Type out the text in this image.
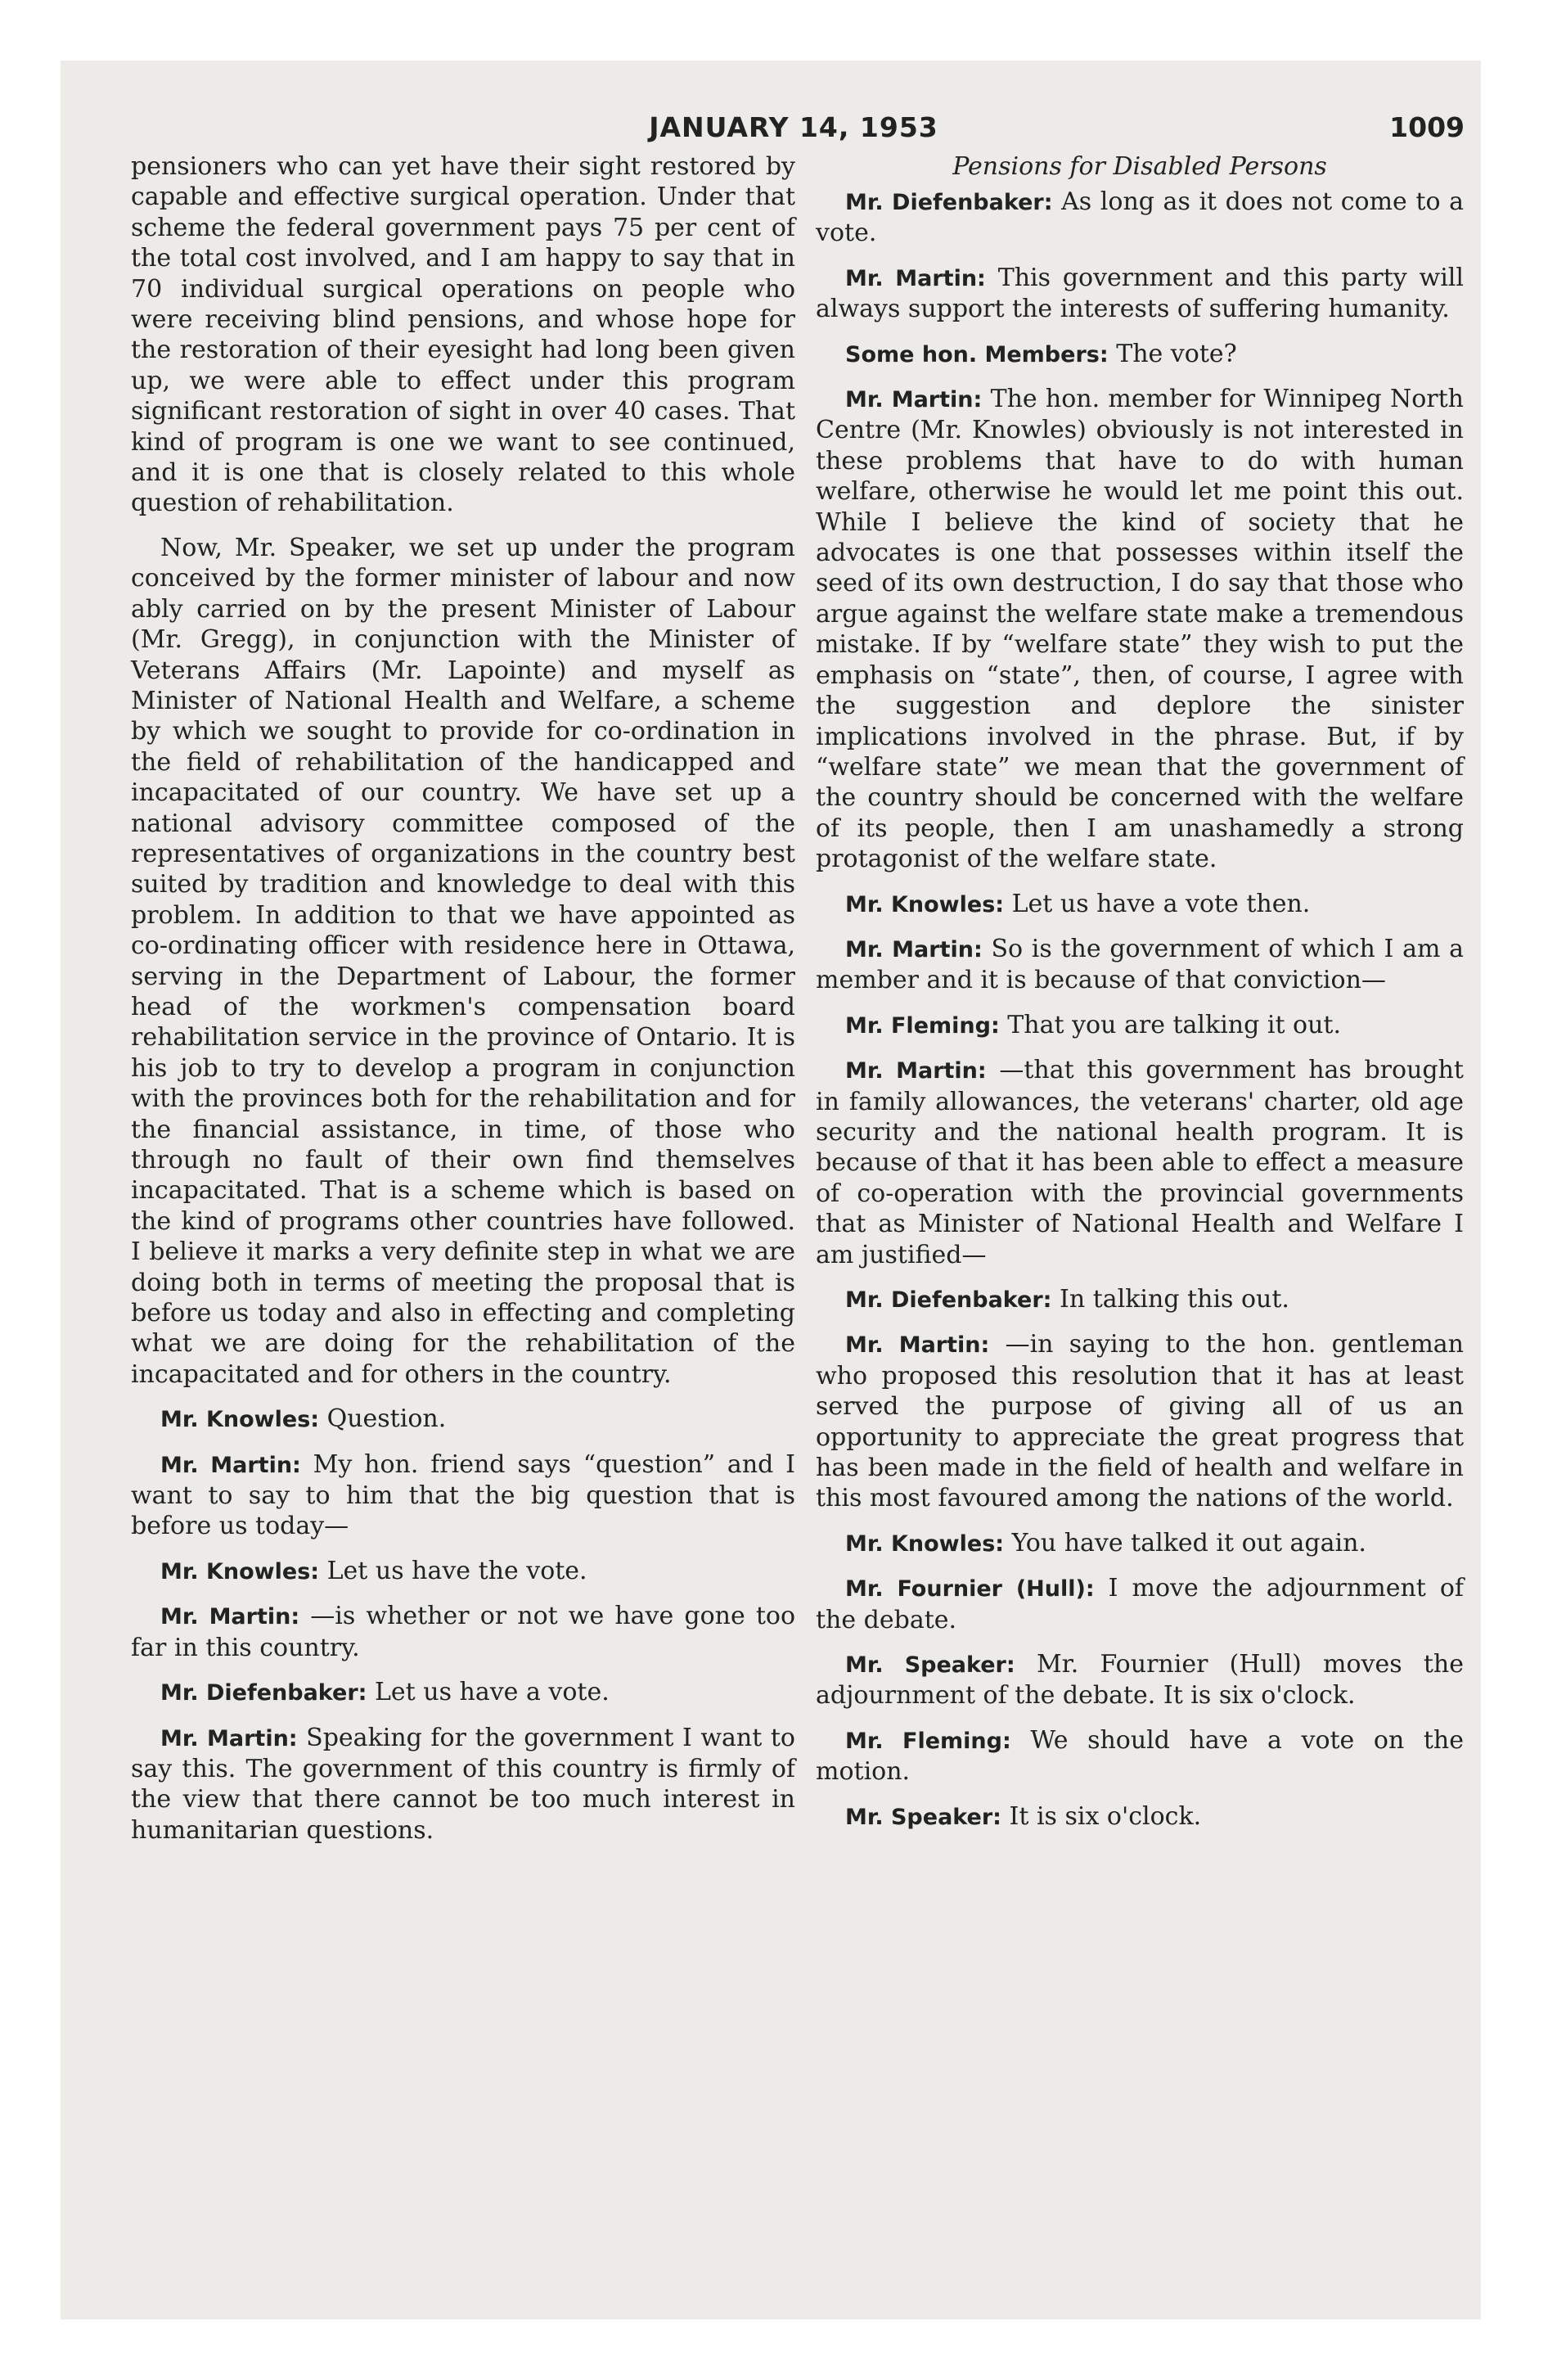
JANUARY 14, 1953	1009

pensioners who can yet have their sight restored by capable and effective surgical operation. Under that scheme the federal government pays 75 per cent of the total cost involved, and I am happy to say that in 70 individual surgical operations on people who were receiving blind pensions, and whose hope for the restoration of their eyesight had long been given up, we were able to effect under this program significant restoration of sight in over 40 cases. That kind of program is one we want to see continued, and it is one that is closely related to this whole question of rehabilitation.

Now, Mr. Speaker, we set up under the program conceived by the former minister of labour and now ably carried on by the present Minister of Labour (Mr. Gregg), in conjunction with the Minister of Veterans Affairs (Mr. Lapointe) and myself as Minister of National Health and Welfare, a scheme by which we sought to provide for co-ordination in the field of rehabilitation of the handicapped and incapacitated of our country. We have set up a national advisory committee composed of the representatives of organizations in the country best suited by tradition and knowledge to deal with this problem. In addition to that we have appointed as co-ordinating officer with residence here in Ottawa, serving in the Department of Labour, the former head of the workmen's compensation board rehabilitation service in the province of Ontario. It is his job to try to develop a program in conjunction with the provinces both for the rehabilitation and for the financial assistance, in time, of those who through no fault of their own find themselves incapacitated. That is a scheme which is based on the kind of programs other countries have followed. I believe it marks a very definite step in what we are doing both in terms of meeting the proposal that is before us today and also in effecting and completing what we are doing for the rehabilitation of the incapacitated and for others in the country.

Mr. Knowles: Question.

Mr. Martin: My hon. friend says “question” and I want to say to him that the big question that is before us today—

Mr. Knowles: Let us have the vote.

Mr. Martin: —is whether or not we have gone too far in this country.

Mr. Diefenbaker: Let us have a vote.

Mr. Martin: Speaking for the government I want to say this. The government of this country is firmly of the view that there cannot be too much interest in humanitarian questions.

Pensions for Disabled Persons

Mr. Diefenbaker: As long as it does not come to a vote.

Mr. Martin: This government and this party will always support the interests of suffering humanity.

Some hon. Members: The vote?

Mr. Martin: The hon. member for Winnipeg North Centre (Mr. Knowles) obviously is not interested in these problems that have to do with human welfare, otherwise he would let me point this out. While I believe the kind of society that he advocates is one that possesses within itself the seed of its own destruction, I do say that those who argue against the welfare state make a tremendous mistake. If by “welfare state” they wish to put the emphasis on “state”, then, of course, I agree with the suggestion and deplore the sinister implications involved in the phrase. But, if by “welfare state” we mean that the government of the country should be concerned with the welfare of its people, then I am unashamedly a strong protagonist of the welfare state.

Mr. Knowles: Let us have a vote then.

Mr. Martin: So is the government of which I am a member and it is because of that conviction—

Mr. Fleming: That you are talking it out.

Mr. Martin: —that this government has brought in family allowances, the veterans' charter, old age security and the national health program. It is because of that it has been able to effect a measure of co-operation with the provincial governments that as Minister of National Health and Welfare I am justified—

Mr. Diefenbaker: In talking this out.

Mr. Martin: —in saying to the hon. gentleman who proposed this resolution that it has at least served the purpose of giving all of us an opportunity to appreciate the great progress that has been made in the field of health and welfare in this most favoured among the nations of the world.

Mr. Knowles: You have talked it out again.

Mr. Fournier (Hull): I move the adjournment of the debate.

Mr. Speaker: Mr. Fournier (Hull) moves the adjournment of the debate. It is six o'clock.

Mr. Fleming: We should have a vote on the motion.

Mr. Speaker: It is six o'clock.
